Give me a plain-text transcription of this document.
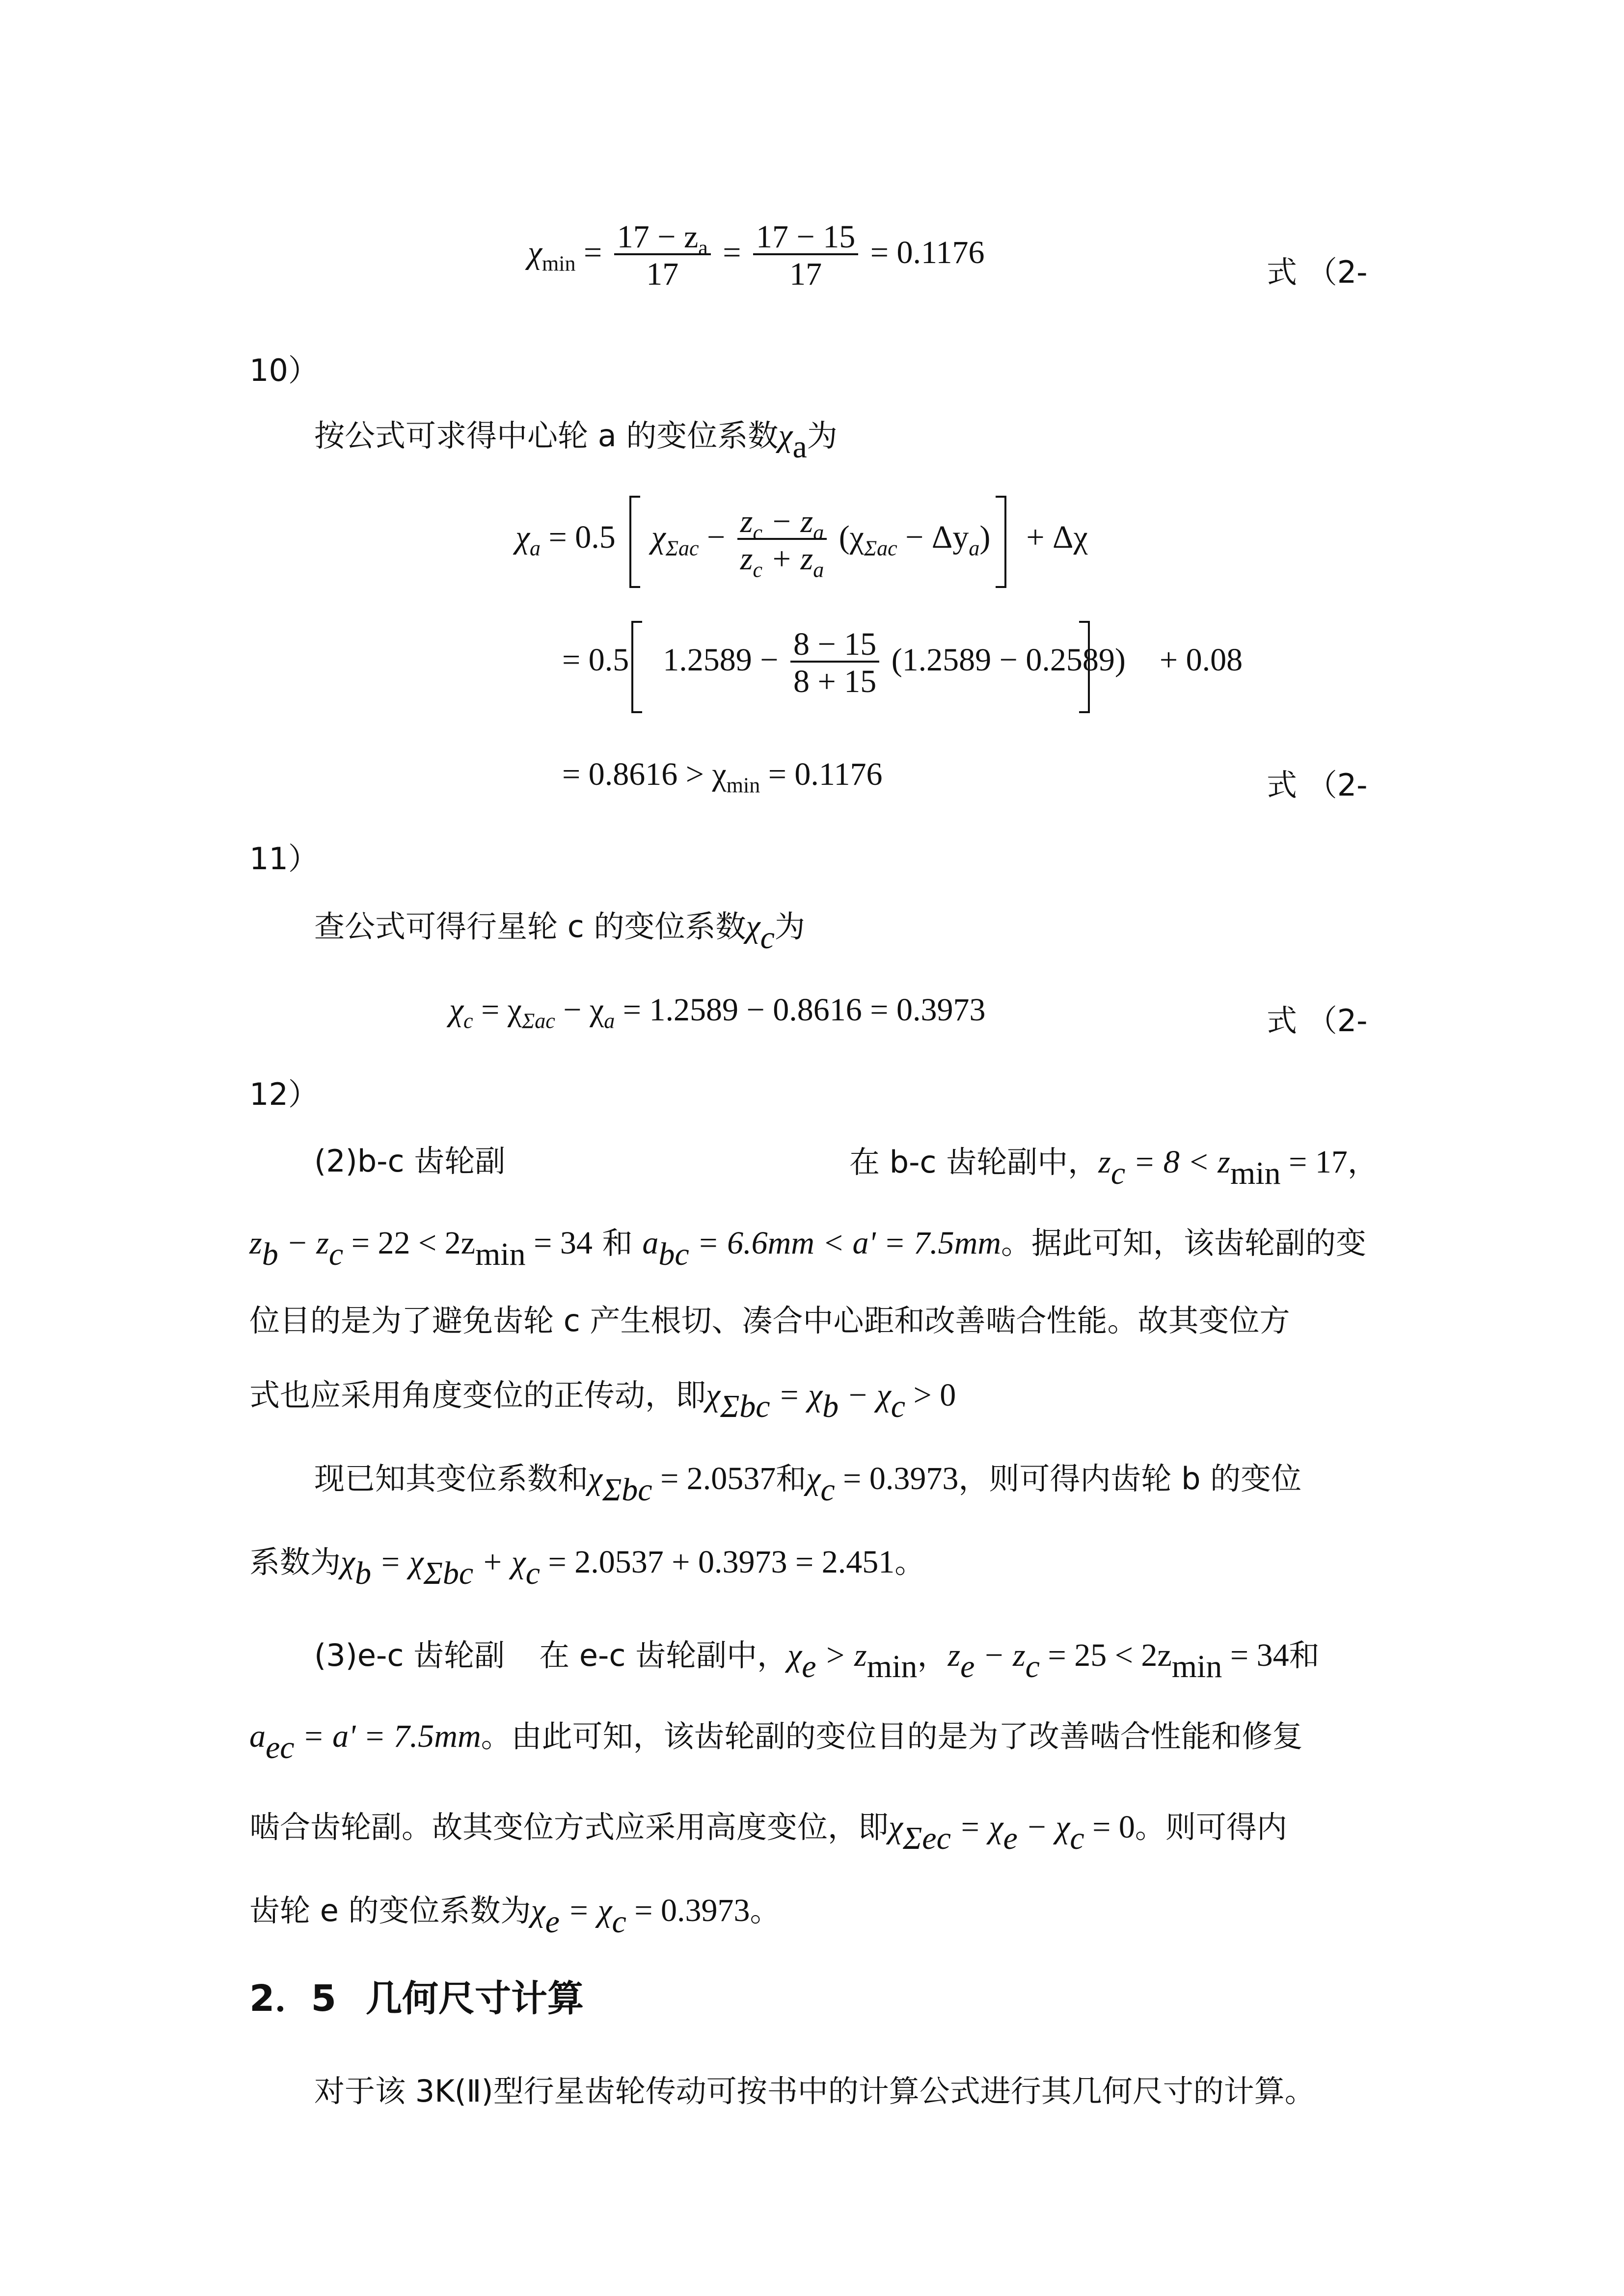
$\chi_{min} = \frac{17 - z_a}{17} = \frac{17 - 15}{17} = 0.1176$
式 （2-
10）
按公式可求得中心轮 a 的变位系数$\chi_a$为
$\chi_a = 0.5$ $\chi_{\Sigma ac} - \frac{z_c - z_a}{z_c + z_a} (\chi_{\Sigma ac} - \Delta y_a) + \Delta\chi$
= 0.5 $1.2589 - \frac{8 - 15}{8 + 15} (1.2589 - 0.2589) + 0.08$
= $0.8616 > \chi_{min} = 0.1176$	式 （2-
11）
查公式可得行星轮 c 的变位系数$\chi_c$为
$\chi_c = \chi_{\Sigma ac} - \chi_a = 1.2589 - 0.8616 = 0.3973$	式 （2-
12）
(2)b-c 齿轮副	在 b-c 齿轮副中，$z_c = 8 < z_{min} = 17$，
$z_b - z_c = 22 < 2z_{min} = 34$ 和 $a_{bc} = 6.6mm < a' = 7.5mm$。据此可知，该齿轮副的变
位目的是为了避免齿轮 c 产生根切、凑合中心距和改善啮合性能。故其变位方
式也应采用角度变位的正传动，即$\chi_{\Sigma bc} = \chi_b - \chi_c > 0$
现已知其变位系数和$\chi_{\Sigma bc} = 2.0537$和$\chi_c = 0.3973$，则可得内齿轮 b 的变位
系数为$\chi_b = \chi_{\Sigma bc} + \chi_c = 2.0537 + 0.3973 = 2.451$。
(3)e-c 齿轮副 在 e-c 齿轮副中，$\chi_e > z_{min}$，$z_e - z_c = 25 < 2z_{min} = 34$和
$a_{ec} = a' = 7.5mm$。由此可知，该齿轮副的变位目的是为了改善啮合性能和修复
啮合齿轮副。故其变位方式应采用高度变位，即$\chi_{\Sigma ec} = \chi_e - \chi_c = 0$。则可得内
齿轮 e 的变位系数为$\chi_e = \chi_c = 0.3973$。
2．5 几何尺寸计算
对于该 3K(Ⅱ)型行星齿轮传动可按书中的计算公式进行其几何尺寸的计算。
